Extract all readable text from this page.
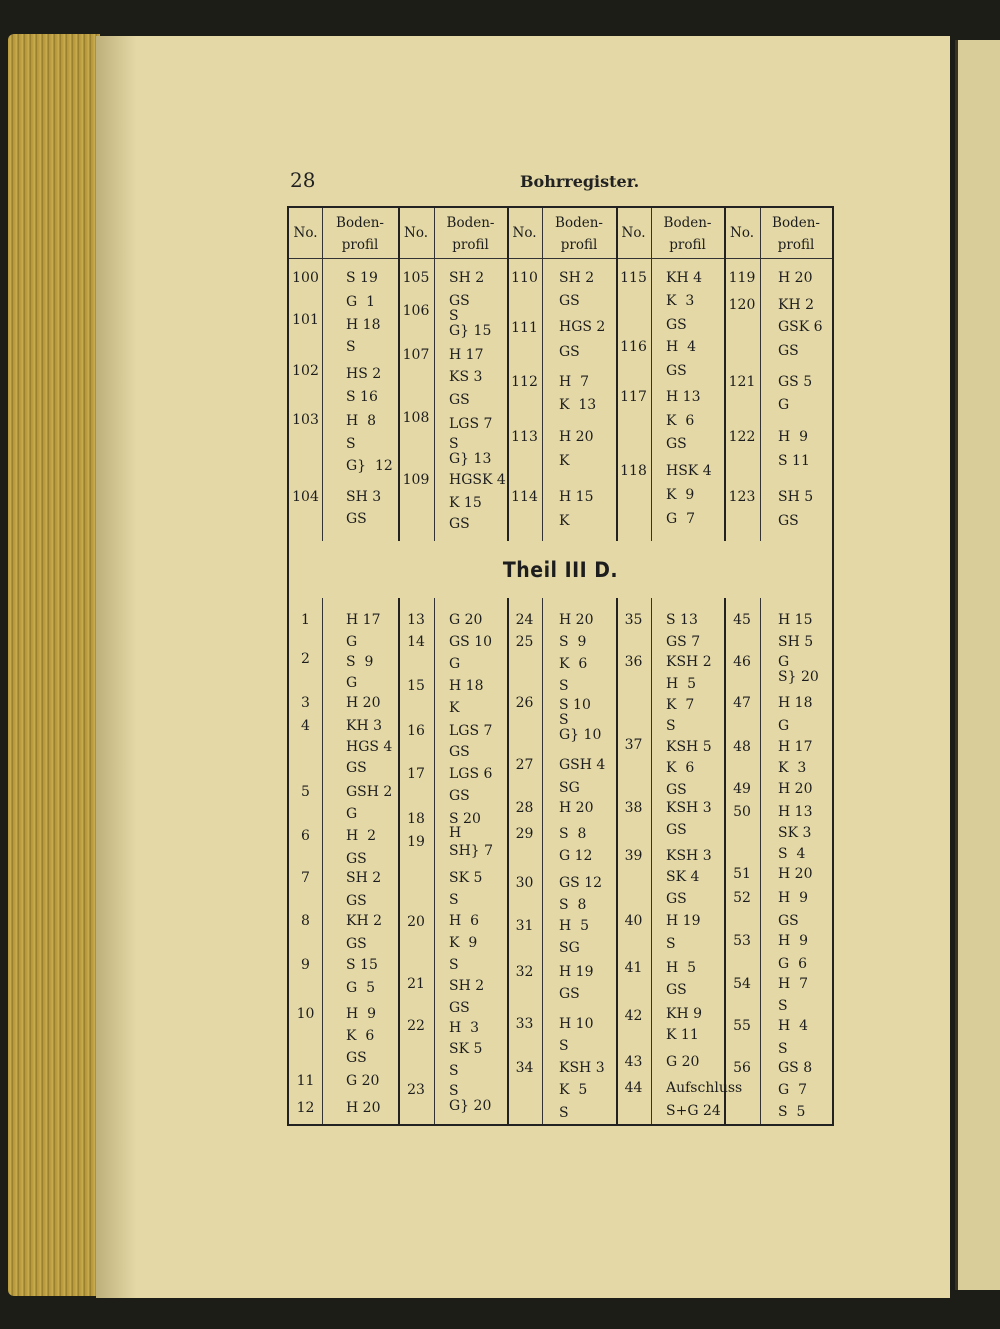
28	Bohrregister.
Theil III D.
No.
Boden-
profil
No.
Boden-
profil
No.
Boden-
profil
No.
Boden-
profil
No.
Boden-
profil
100
101
102
103
104
105
106
107
108
109
110
111
112
113
114
115
116
117
118
119
120
121
122
123
S 19
G  1
H 18
S
HS 2
S 16
H  8
S
G}  12
SH 3
GS
SH 2
GS
S
G} 15
H 17
KS 3
GS
LGS 7
S
G} 13
HGSK 4
K 15
GS
SH 2
GS
HGS 2
GS
H  7
K  13
H 20
K
H 15
K
KH 4
K  3
GS
H  4
GS
H 13
K  6
GS
HSK 4
K  9
G  7
H 20
KH 2
GSK 6
GS
GS 5
G
H  9
S 11
SH 5
GS
1
2
3
4
5
6
7
8
9
10
11
12
13
14
15
16
17
18
19
20
21
22
23
24
25
26
27
28
29
30
31
32
33
34
35
36
37
38
39
40
41
42
43
44
45
46
47
48
49
50
51
52
53
54
55
56
H 17
G
S  9
G
H 20
KH 3
HGS 4
GS
GSH 2
G
H  2
GS
SH 2
GS
KH 2
GS
S 15
G  5
H  9
K  6
GS
G 20
H 20
G 20
GS 10
G
H 18
K
LGS 7
GS
LGS 6
GS
S 20
H
SH} 7
SK 5
S
H  6
K  9
S
SH 2
GS
H  3
SK 5
S
S
G} 20
H 20
S  9
K  6
S
S 10
S
G} 10
GSH 4
SG
H 20
S  8
G 12
GS 12
S  8
H  5
SG
H 19
GS
H 10
S
KSH 3
K  5
S
S 13
GS 7
KSH 2
H  5
K  7
S
KSH 5
K  6
GS
KSH 3
GS
KSH 3
SK 4
GS
H 19
S
H  5
GS
KH 9
K 11
G 20
Aufschluss
S+G 24
H 15
SH 5
G
S} 20
H 18
G
H 17
K  3
H 20
H 13
SK 3
S  4
H 20
H  9
GS
H  9
G  6
H  7
S
H  4
S
GS 8
G  7
S  5
